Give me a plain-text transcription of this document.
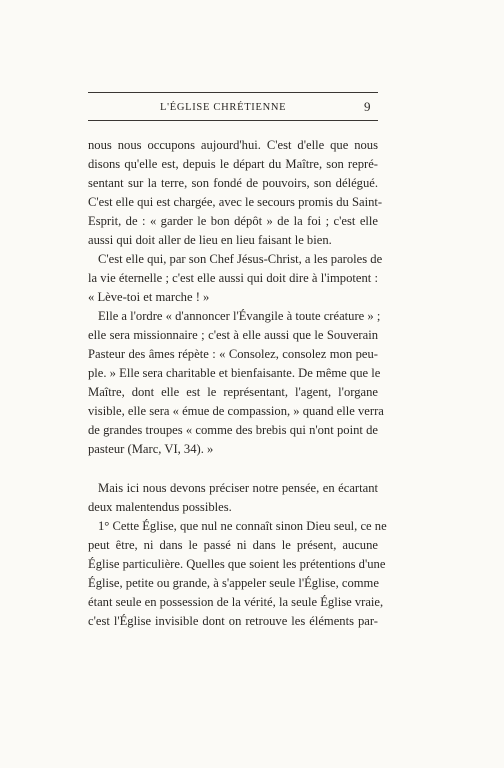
L'ÉGLISE CHRÉTIENNE	9
nous nous occupons aujourd'hui. C'est d'elle que nous
disons qu'elle est, depuis le départ du Maître, son repré-
sentant sur la terre, son fondé de pouvoirs, son délégué.
C'est elle qui est chargée, avec le secours promis du Saint-
Esprit, de : « garder le bon dépôt » de la foi ; c'est elle
aussi qui doit aller de lieu en lieu faisant le bien.
C'est elle qui, par son Chef Jésus-Christ, a les paroles de
la vie éternelle ; c'est elle aussi qui doit dire à l'impotent :
« Lève-toi et marche ! »
Elle a l'ordre « d'annoncer l'Évangile à toute créature » ;
elle sera missionnaire ; c'est à elle aussi que le Souverain
Pasteur des âmes répète : « Consolez, consolez mon peu-
ple. » Elle sera charitable et bienfaisante. De même que le
Maître, dont elle est le représentant, l'agent, l'organe
visible, elle sera « émue de compassion, » quand elle verra
de grandes troupes « comme des brebis qui n'ont point de
pasteur (Marc, VI, 34). »
Mais ici nous devons préciser notre pensée, en écartant
deux malentendus possibles.
1° Cette Église, que nul ne connaît sinon Dieu seul, ce ne
peut être, ni dans le passé ni dans le présent, aucune
Église particulière. Quelles que soient les prétentions d'une
Église, petite ou grande, à s'appeler seule l'Église, comme
étant seule en possession de la vérité, la seule Église vraie,
c'est l'Église invisible dont on retrouve les éléments par-
